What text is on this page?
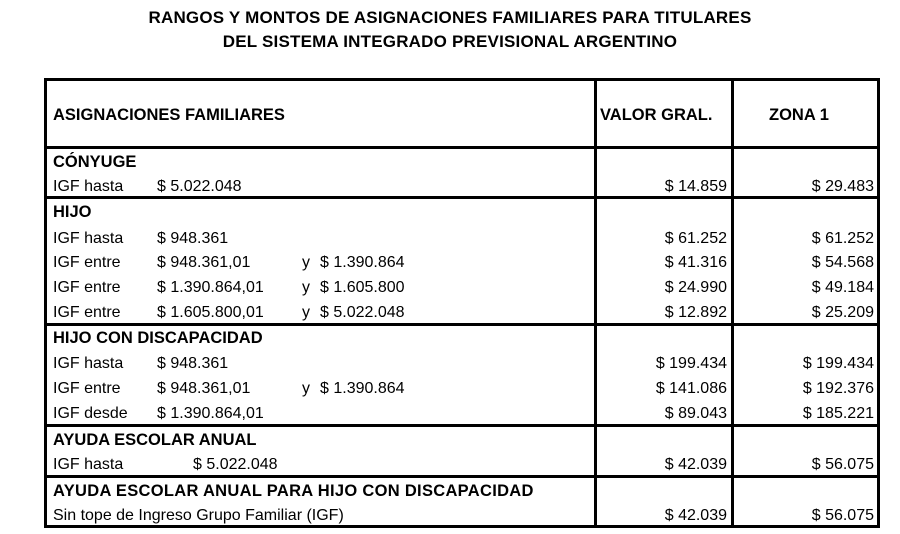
RANGOS Y MONTOS DE ASIGNACIONES FAMILIARES PARA TITULARES
DEL SISTEMA INTEGRADO PREVISIONAL ARGENTINO
ASIGNACIONES FAMILIARES	VALOR GRAL.	ZONA 1
CÓNYUGE
IGF hasta $ 5.022.048	$ 14.859	$ 29.483
HIJO
IGF hasta $ 948.361	$ 61.252	$ 61.252
IGF entre $ 948.361,01	y $ 1.390.864	$ 41.316	$ 54.568
IGF entre $ 1.390.864,01 y $ 1.605.800	$ 24.990	$ 49.184
IGF entre $ 1.605.800,01 y $ 5.022.048	$ 12.892	$ 25.209
HIJO CON DISCAPACIDAD
IGF hasta $ 948.361	$ 199.434	$ 199.434
IGF entre $ 948.361,01	y $ 1.390.864	$ 141.086	$ 192.376
IGF desde $ 1.390.864,01	$ 89.043	$ 185.221
AYUDA ESCOLAR ANUAL
IGF hasta	$ 5.022.048	$ 42.039	$ 56.075
AYUDA ESCOLAR ANUAL PARA HIJO CON DISCAPACIDAD
Sin tope de Ingreso Grupo Familiar (IGF)	$ 42.039	$ 56.075
